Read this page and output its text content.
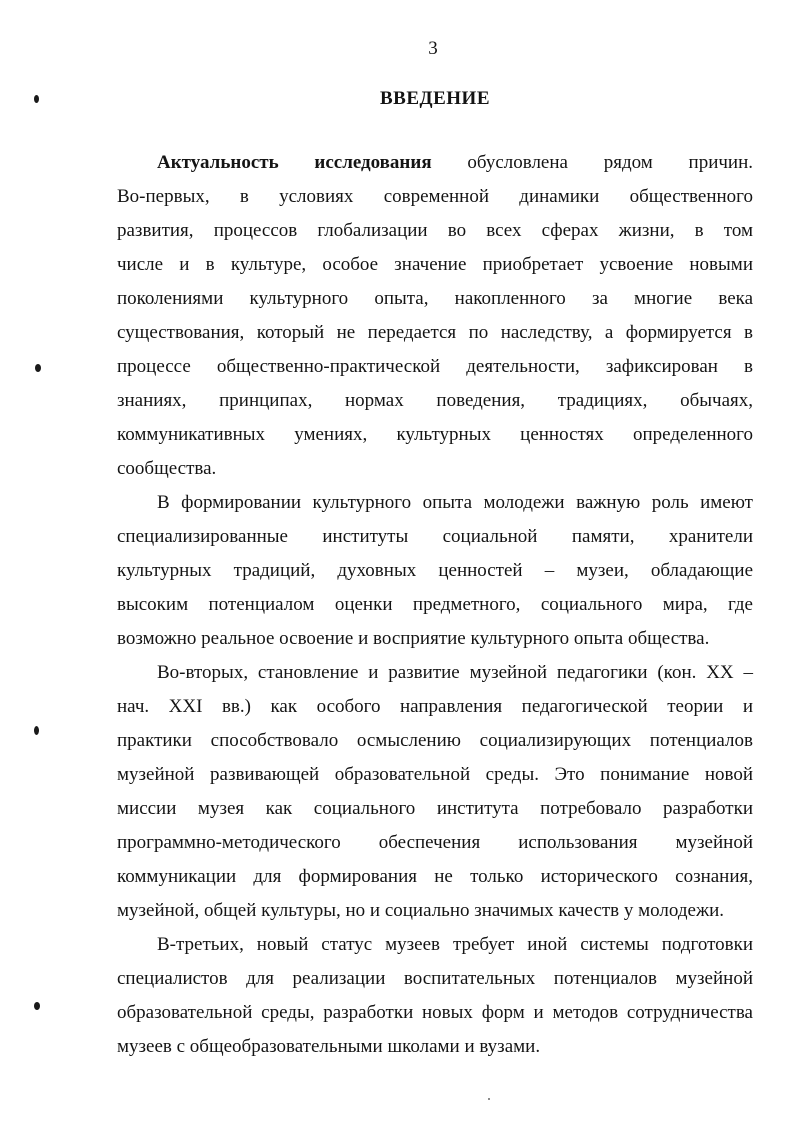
3
ВВЕДЕНИЕ
Актуальность исследования обусловлена рядом причин.
Во-первых, в условиях современной динамики общественного
развития, процессов глобализации во всех сферах жизни, в том
числе и в культуре, особое значение приобретает усвоение новыми
поколениями культурного опыта, накопленного за многие века
существования, который не передается по наследству, а формируется в
процессе общественно-практической деятельности, зафиксирован в
знаниях, принципах, нормах поведения, традициях, обычаях,
коммуникативных умениях, культурных ценностях определенного
сообщества.
В формировании культурного опыта молодежи важную роль имеют
специализированные институты социальной памяти, хранители
культурных традиций, духовных ценностей – музеи, обладающие
высоким потенциалом оценки предметного, социального мира, где
возможно реальное освоение и восприятие культурного опыта общества.
Во-вторых, становление и развитие музейной педагогики (кон. XX –
нач. XXI вв.) как особого направления педагогической теории и
практики способствовало осмыслению социализирующих потенциалов
музейной развивающей образовательной среды. Это понимание новой
миссии музея как социального института потребовало разработки
программно-методического обеспечения использования музейной
коммуникации для формирования не только исторического сознания,
музейной, общей культуры, но и социально значимых качеств у молодежи.
В-третьих, новый статус музеев требует иной системы подготовки
специалистов для реализации воспитательных потенциалов музейной
образовательной среды, разработки новых форм и методов сотрудничества
музеев с общеобразовательными школами и вузами.
